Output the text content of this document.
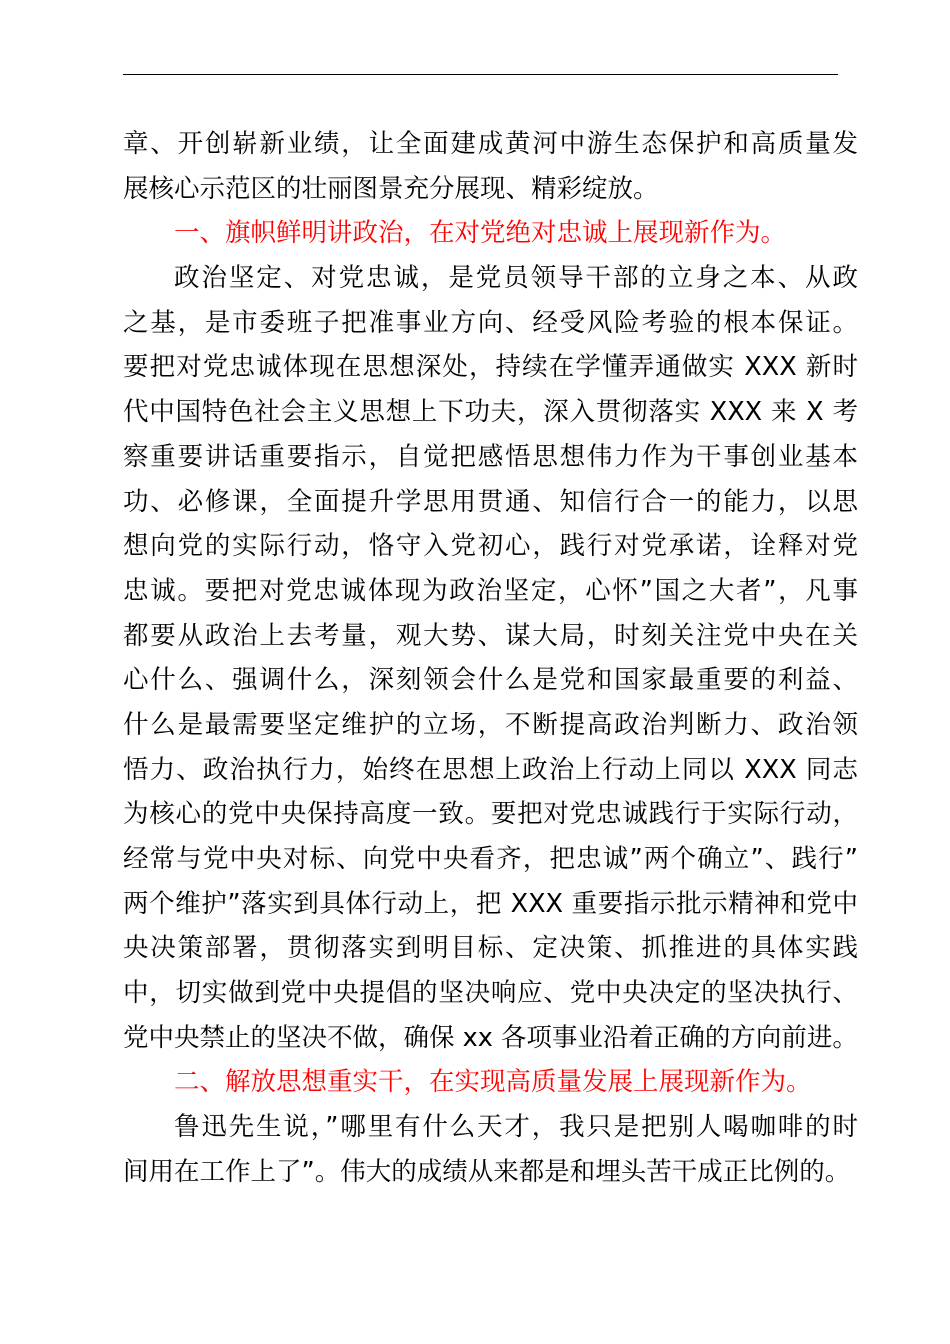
章、开创崭新业绩，让全面建成黄河中游生态保护和高质量发
展核心示范区的壮丽图景充分展现、精彩绽放。
一、旗帜鲜明讲政治，在对党绝对忠诚上展现新作为。
政治坚定、对党忠诚，是党员领导干部的立身之本、从政
之基，是市委班子把准事业方向、经受风险考验的根本保证。
要把对党忠诚体现在思想深处，持续在学懂弄通做实 XXX 新时
代中国特色社会主义思想上下功夫，深入贯彻落实 XXX 来 X 考
察重要讲话重要指示，自觉把感悟思想伟力作为干事创业基本
功、必修课，全面提升学思用贯通、知信行合一的能力，以思
想向党的实际行动，恪守入党初心，践行对党承诺，诠释对党
忠诚。要把对党忠诚体现为政治坚定，心怀”国之大者”，凡事
都要从政治上去考量，观大势、谋大局，时刻关注党中央在关
心什么、强调什么，深刻领会什么是党和国家最重要的利益、
什么是最需要坚定维护的立场，不断提高政治判断力、政治领
悟力、政治执行力，始终在思想上政治上行动上同以 XXX 同志
为核心的党中央保持高度一致。要把对党忠诚践行于实际行动，
经常与党中央对标、向党中央看齐，把忠诚”两个确立”、践行”
两个维护”落实到具体行动上，把 XXX 重要指示批示精神和党中
央决策部署，贯彻落实到明目标、定决策、抓推进的具体实践
中，切实做到党中央提倡的坚决响应、党中央决定的坚决执行、
党中央禁止的坚决不做，确保 xx 各项事业沿着正确的方向前进。
二、解放思想重实干，在实现高质量发展上展现新作为。
鲁迅先生说，”哪里有什么天才，我只是把别人喝咖啡的时
间用在工作上了”。伟大的成绩从来都是和埋头苦干成正比例的。
